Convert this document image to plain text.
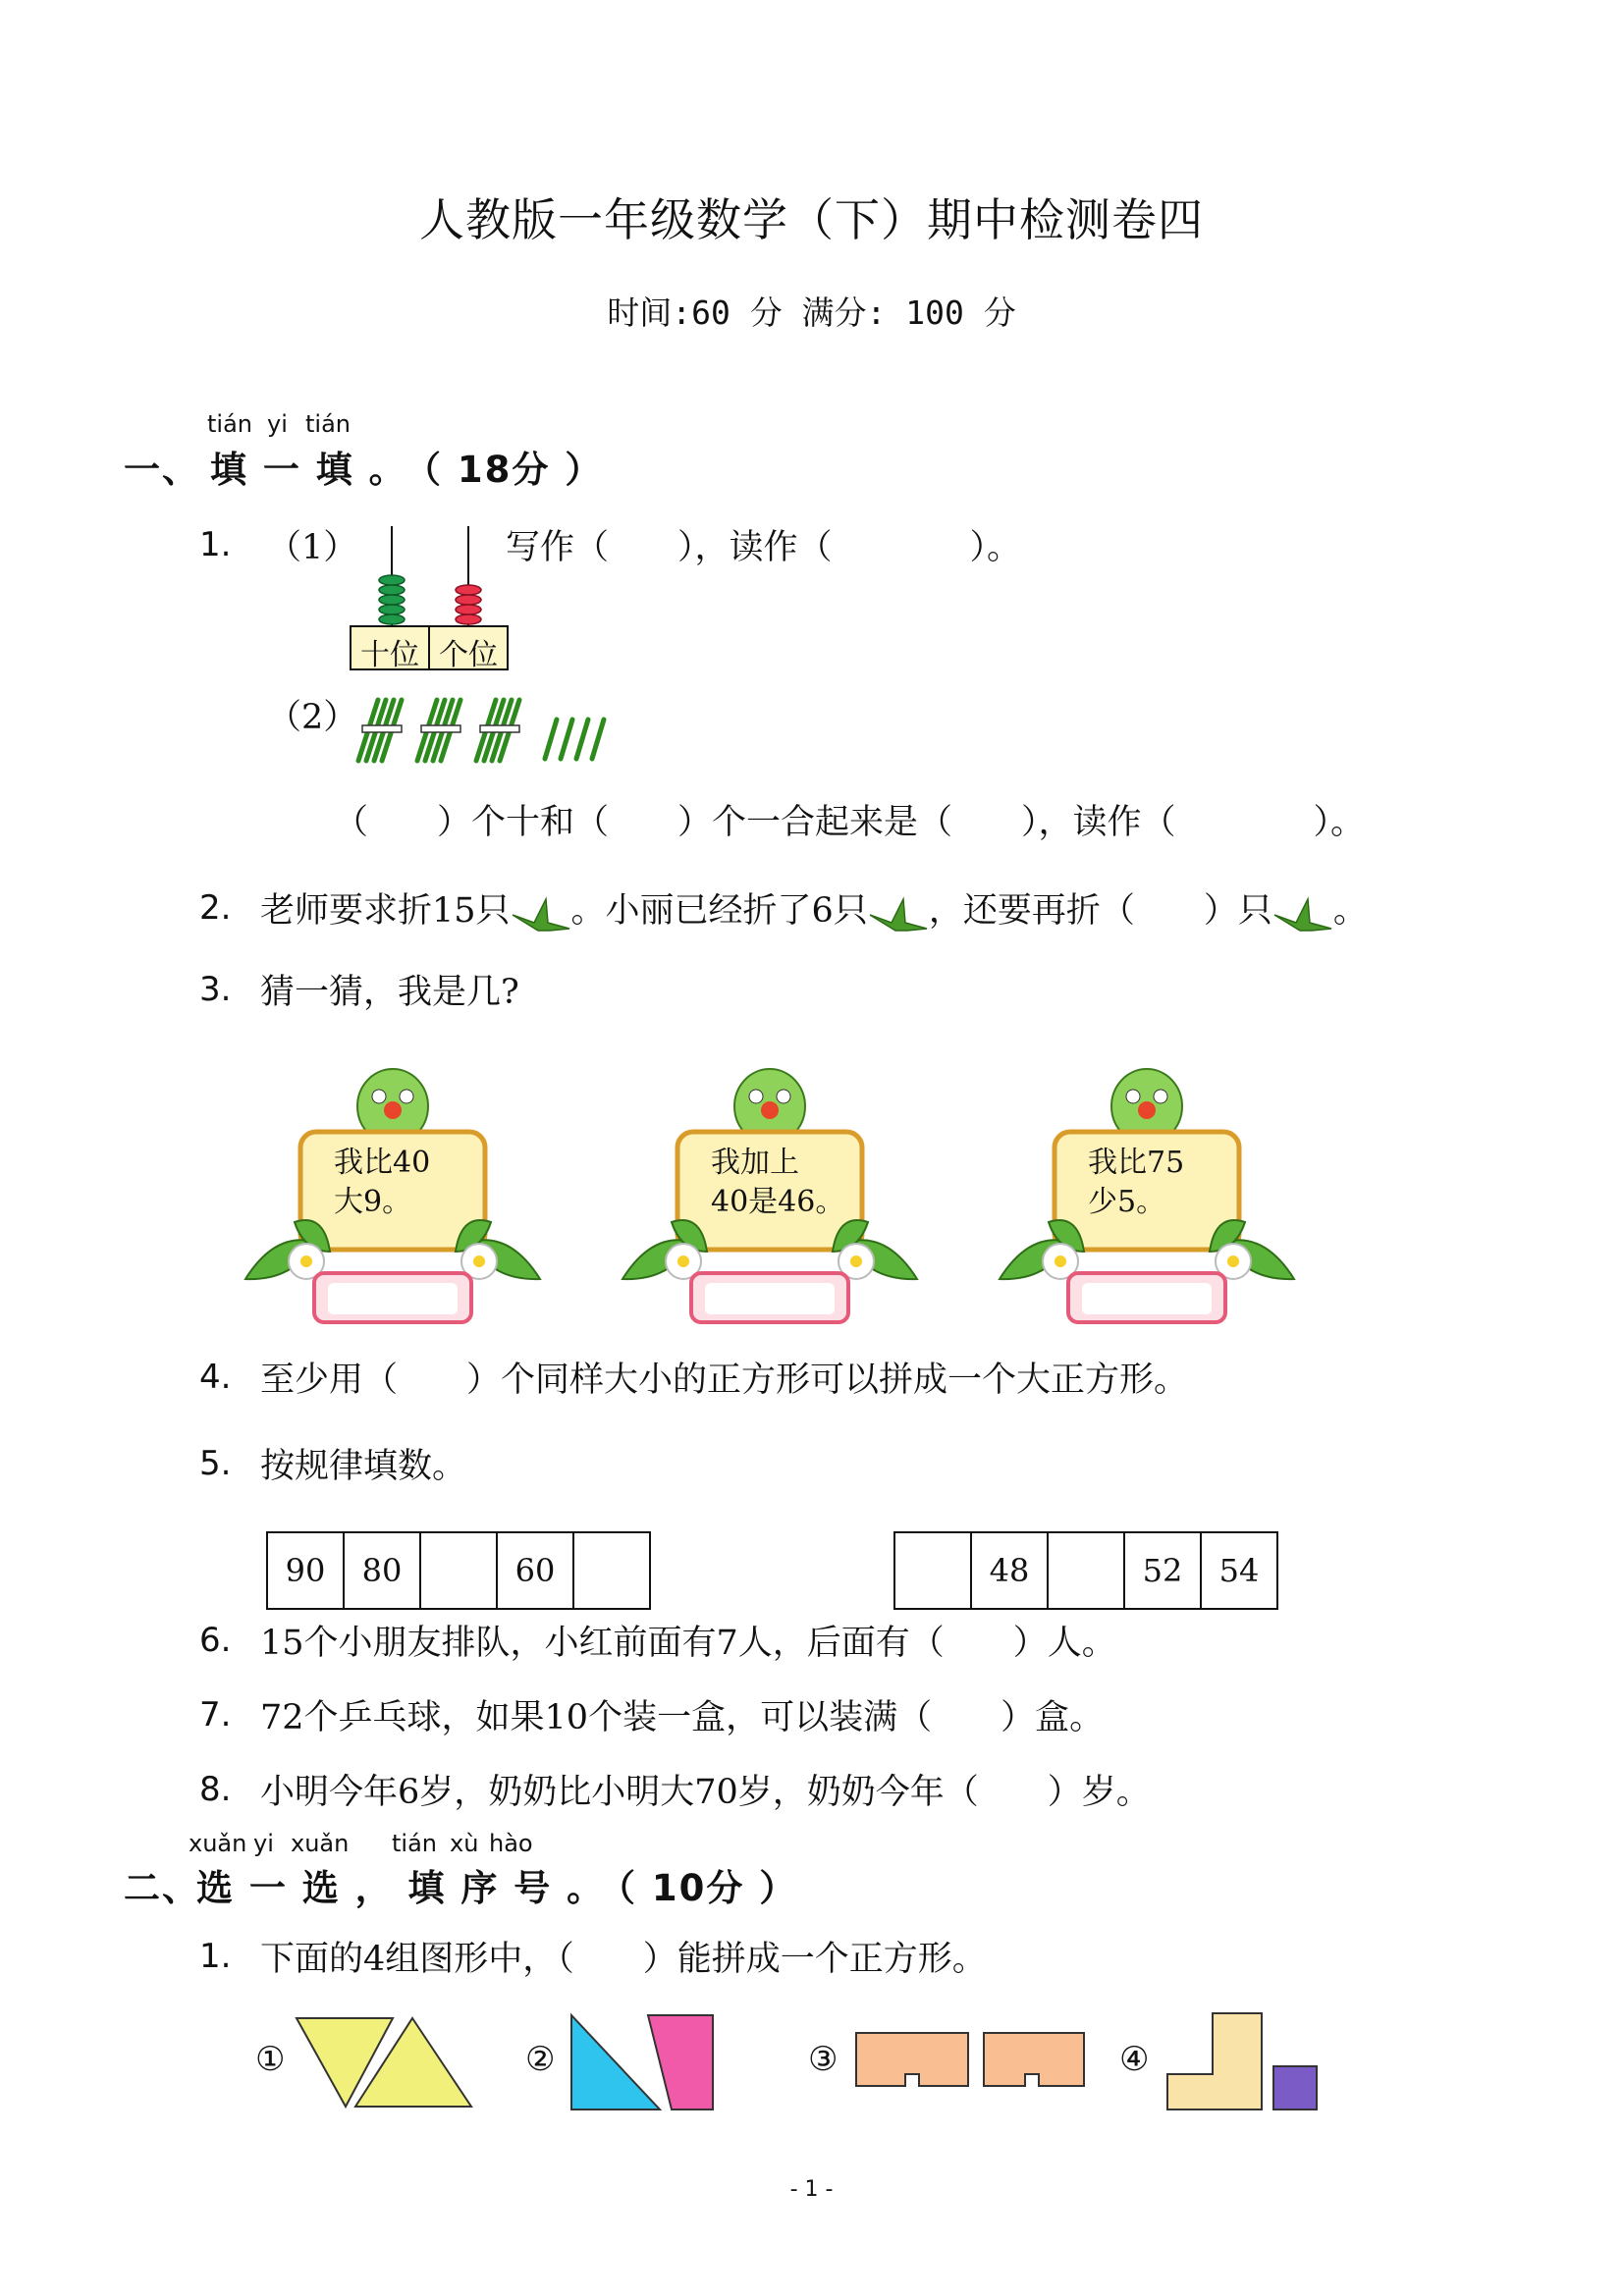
人教版一年级数学（下）期中检测卷四
时间:60 分 满分: 100 分
tián yi tián
一、 填 一 填 。
（ 18分 ）
1. （1）	写作（　　），读作（　　　　）。
十位 个位
（2）
（　　）个十和（　　）个一合起来是（　　），读作（　　　　）。
2. 老师要求折15只 。小丽已经折了6只 ，还要再折（　　）只 。
3. 猜一猜，我是几?
我比40
大9。
我加上
40是46。
我比75
少5。
4. 至少用（　　）个同样大小的正方形可以拼成一个大正方形。
5. 按规律填数。
90	80		60	
		48		52	54
6. 15个小朋友排队，小红前面有7人，后面有（　　）人。
7. 72个乒乓球，如果10个装一盒，可以装满（　　）盒。
8. 小明今年6岁，奶奶比小明大70岁，奶奶今年（　　）岁。
xuǎn yi xuǎn tián xù hào
二、
选 一 选 ， 填 序 号 。
（ 10分 ）
1. 下面的4组图形中，（　　）能拼成一个正方形。
①	②	③	④
- 1 -
